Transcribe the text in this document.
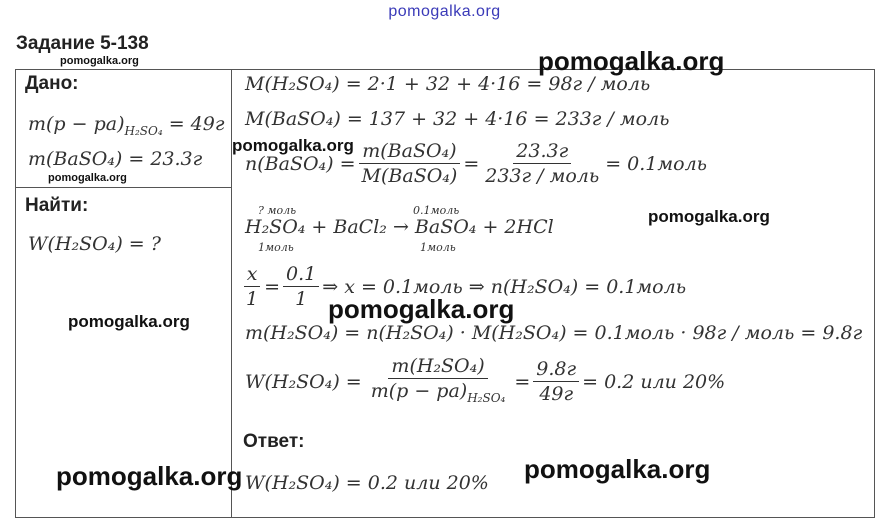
pomogalka.org
Задание 5-138
Дано:
$m(p - pa)_{H_2SO_4} = 49г$
m(BaSO₄) = 23.3г
Найти:
W(H₂SO₄) = ?
M(H₂SO₄) = 2·1 + 32 + 4·16 = 98г / моль
M(BaSO₄) = 137 + 32 + 4·16 = 233г / моль
n(BaSO₄) = $\frac{\text{m(BaSO₄)}}{\text{M(BaSO₄)}} = \frac{23.3г}{\text{233г / моль}}$ = 0.1моль
? моль	0.1моль
H₂SO₄ + BaCl₂ → BaSO₄ + 2HCl
1моль	1моль
$\frac{x}{1} = \frac{0.1}{1}$ ⇒ x = 0.1моль ⇒ n(H₂SO₄) = 0.1моль
m(H₂SO₄) = n(H₂SO₄) · M(H₂SO₄) = 0.1моль · 98г / моль = 9.8г
$W(H_2SO_4) = \frac{\text{m(H₂SO₄)}}{m(p - pa)_{H_2SO_4}} = \frac{9.8г}{49г} = 0.2$ или 20%
Ответ:
W(H₂SO₄) = 0.2 или 20%
pomogalka.org	pomogalka.org
pomogalka.org
pomogalka.org
pomogalka.org
pomogalka.org
pomogalka.org
pomogalka.org
pomogalka.org
